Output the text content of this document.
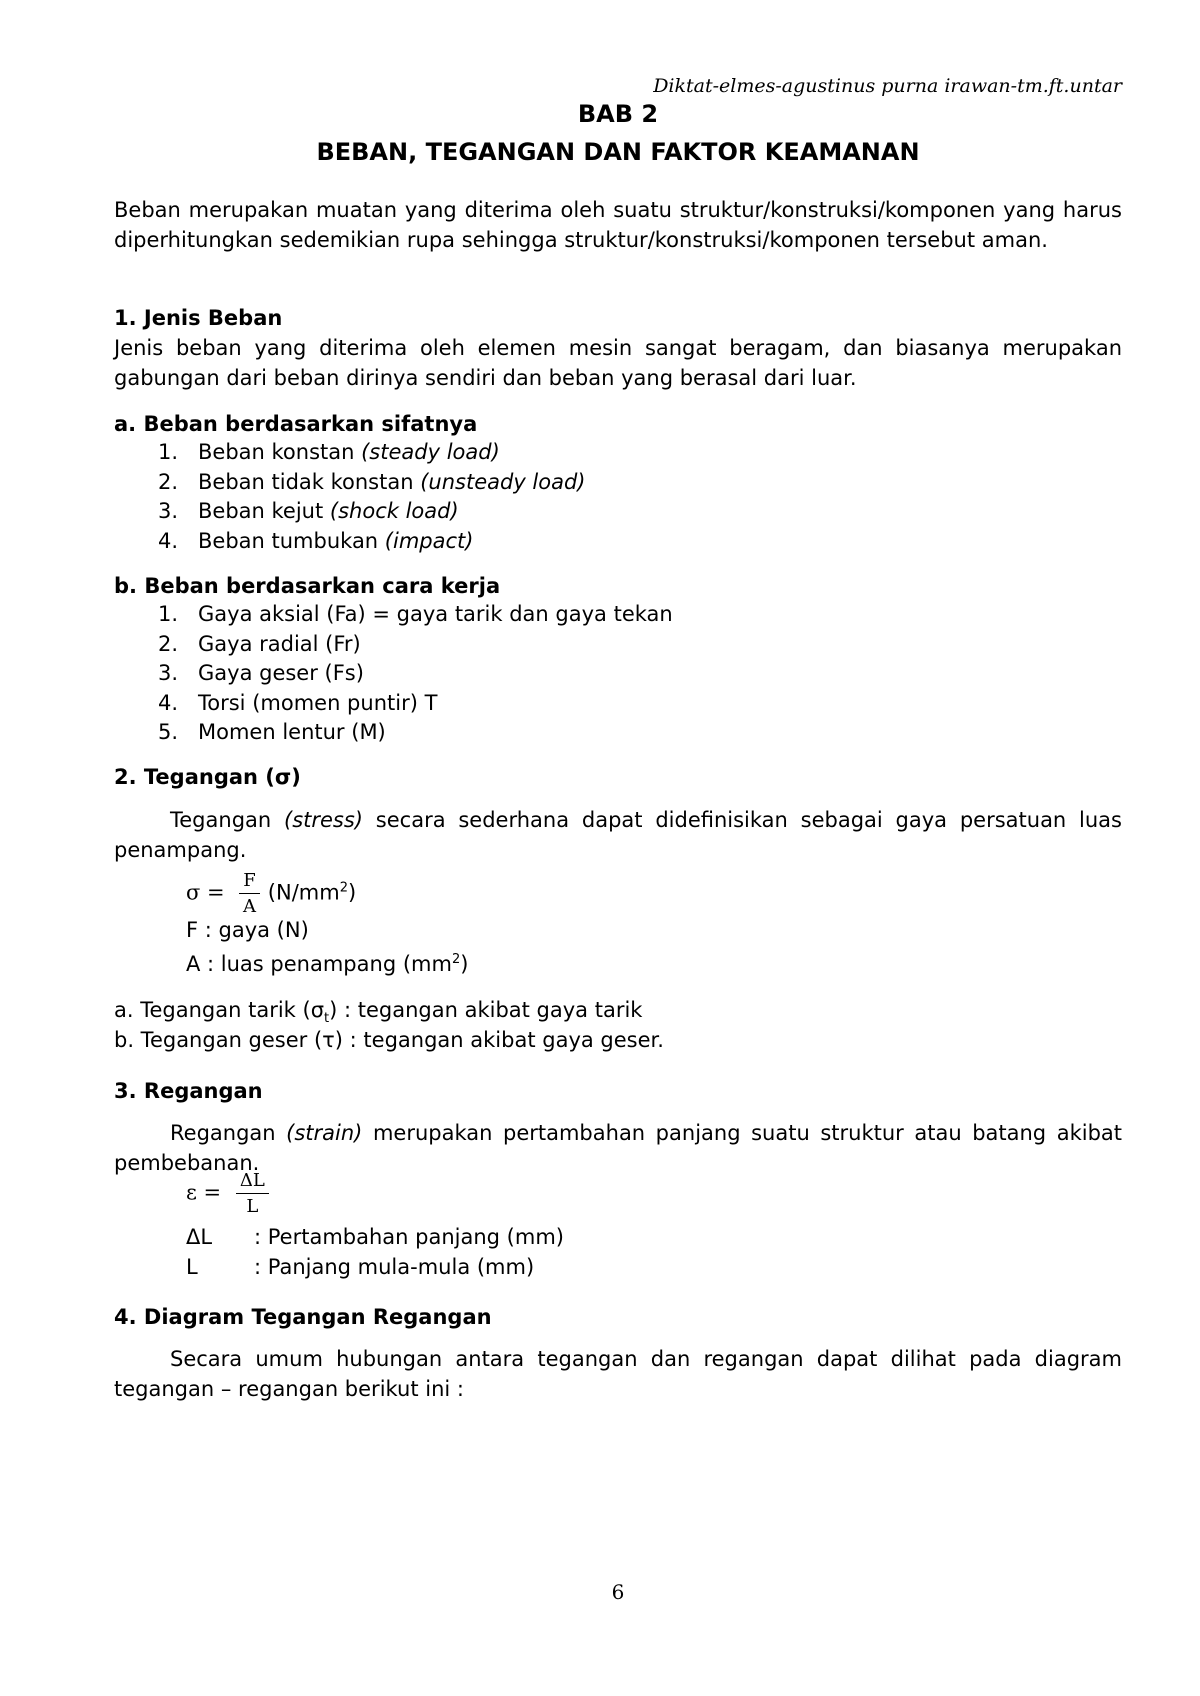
Diktat-elmes-agustinus purna irawan-tm.ft.untar
BAB 2
BEBAN, TEGANGAN DAN FAKTOR KEAMANAN

Beban merupakan muatan yang diterima oleh suatu struktur/konstruksi/komponen yang harus diperhitungkan sedemikian rupa sehingga struktur/konstruksi/komponen tersebut aman.

1. Jenis Beban

Jenis beban yang diterima oleh elemen mesin sangat beragam, dan biasanya merupakan gabungan dari beban dirinya sendiri dan beban yang berasal dari luar.

a. Beban berdasarkan sifatnya
1. Beban konstan (steady load)
2. Beban tidak konstan (unsteady load)
3. Beban kejut (shock load)
4. Beban tumbukan (impact)
b. Beban berdasarkan cara kerja
1. Gaya aksial (Fa) = gaya tarik dan gaya tekan
2. Gaya radial (Fr)
3. Gaya geser (Fs)
4. Torsi (momen puntir) T
5. Momen lentur (M)
2. Tegangan (σ)

Tegangan (stress) secara sederhana dapat didefinisikan sebagai gaya persatuan luas penampang.

$\sigma = \frac{F}{A} (N/mm^2)$
F : gaya (N)
A : luas penampang $(mm^2)$
a. Tegangan tarik $(\sigma_t)$ : tegangan akibat gaya tarik
b. Tegangan geser (τ) : tegangan akibat gaya geser.
3. Regangan

Regangan (strain) merupakan pertambahan panjang suatu struktur atau batang akibat pembebanan.

$\varepsilon = \frac{\Delta L}{L}$
ΔL : Pertambahan panjang (mm)
L	: Panjang mula-mula (mm)
4. Diagram Tegangan Regangan

Secara umum hubungan antara tegangan dan regangan dapat dilihat pada diagram tegangan – regangan berikut ini :

6
